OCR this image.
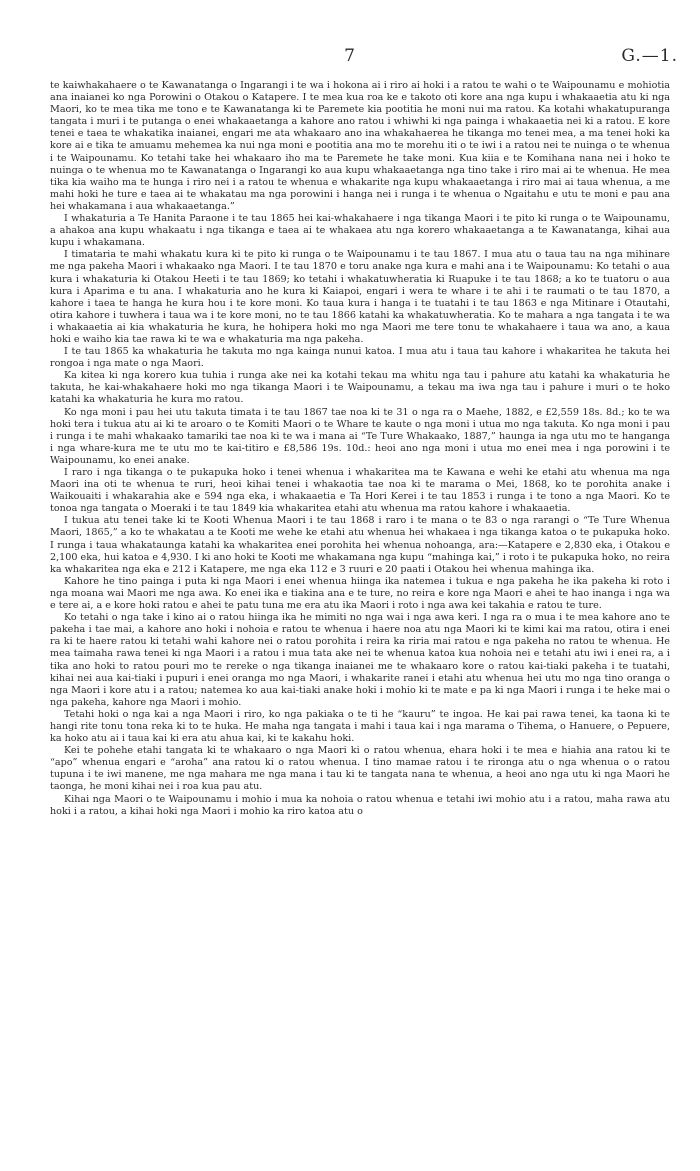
7	G.—1.

te kaiwhakahaere o te Kawanatanga o Ingarangi i te wa i hokona ai i riro ai hoki i a ratou te wahi o te Waipounamu e mohiotia ana inaianei ko nga Porowini o Otakou o Katapere. I te mea kua roa ke e takoto oti kore ana nga kupu i whakaaetia atu ki nga Maori, ko te mea tika me tono e te Kawanatanga ki te Paremete kia pootitia he moni nui ma ratou. Ka kotahi whakatupuranga tangata i muri i te putanga o enei whakaaetanga a kahore ano ratou i whiwhi ki nga painga i whakaaetia nei ki a ratou. E kore tenei e taea te whakatika inaianei, engari me ata whakaaro ano ina whakahaerea he tikanga mo tenei mea, a ma tenei hoki ka kore ai e tika te amuamu mehemea ka nui nga moni e pootitia ana mo te morehu iti o te iwi i a ratou nei te nuinga o te whenua i te Waipounamu. Ko tetahi take hei whakaaro iho ma te Paremete he take moni. Kua kiia e te Komihana nana nei i hoko te nuinga o te whenua mo te Kawanatanga o Ingarangi ko aua kupu whakaaetanga nga tino take i riro mai ai te whenua. He mea tika kia waiho ma te hunga i riro nei i a ratou te whenua e whakarite nga kupu whakaaetanga i riro mai ai taua whenua, a me mahi hoki he ture e taea ai te whakatau ma nga porowini i hanga nei i runga i te whenua o Ngaitahu e utu te moni e pau ana hei whakamana i aua whakaaetanga.”

I whakaturia a Te Hanita Paraone i te tau 1865 hei kai-whakahaere i nga tikanga Maori i te pito ki runga o te Waipounamu, a ahakoa ana kupu whakaatu i nga tikanga e taea ai te whakaea atu nga korero whakaaetanga a te Kawanatanga, kihai aua kupu i whakamana.

I timataria te mahi whakatu kura ki te pito ki runga o te Waipounamu i te tau 1867. I mua atu o taua tau na nga mihinare me nga pakeha Maori i whakaako nga Maori. I te tau 1870 e toru anake nga kura e mahi ana i te Waipounamu: Ko tetahi o aua kura i whakaturia ki Otakou Heeti i te tau 1869; ko tetahi i whakatuwheratia ki Ruapuke i te tau 1868; a ko te tuatoru o aua kura i Aparima e tu ana. I whakaturia ano he kura ki Kaiapoi, engari i wera te whare i te ahi i te raumati o te tau 1870, a kahore i taea te hanga he kura hou i te kore moni. Ko taua kura i hanga i te tuatahi i te tau 1863 e nga Mitinare i Otautahi, otira kahore i tuwhera i taua wa i te kore moni, no te tau 1866 katahi ka whakatuwheratia. Ko te mahara a nga tangata i te wa i whakaaetia ai kia whakaturia he kura, he hohipera hoki mo nga Maori me tere tonu te whakahaere i taua wa ano, a kaua hoki e waiho kia tae rawa ki te wa e whakaturia ma nga pakeha.

I te tau 1865 ka whakaturia he takuta mo nga kainga nunui katoa. I mua atu i taua tau kahore i whakaritea he takuta hei rongoa i nga mate o nga Maori.

Ka kitea ki nga korero kua tuhia i runga ake nei ka kotahi tekau ma whitu nga tau i pahure atu katahi ka whakaturia he takuta, he kai-whakahaere hoki mo nga tikanga Maori i te Waipounamu, a tekau ma iwa nga tau i pahure i muri o te hoko katahi ka whakaturia he kura mo ratou.

Ko nga moni i pau hei utu takuta timata i te tau 1867 tae noa ki te 31 o nga ra o Maehe, 1882, e £2,559 18s. 8d.; ko te wa hoki tera i tukua atu ai ki te aroaro o te Komiti Maori o te Whare te kaute o nga moni i utua mo nga takuta. Ko nga moni i pau i runga i te mahi whakaako tamariki tae noa ki te wa i mana ai “Te Ture Whakaako, 1887,” haunga ia nga utu mo te hanganga i nga whare-kura me te utu mo te kai-titiro e £8,586 19s. 10d.: heoi ano nga moni i utua mo enei mea i nga porowini i te Waipounamu, ko enei anake.

I raro i nga tikanga o te pukapuka hoko i tenei whenua i whakaritea ma te Kawana e wehi ke etahi atu whenua ma nga Maori ina oti te whenua te ruri, heoi kihai tenei i whakaotia tae noa ki te marama o Mei, 1868, ko te porohita anake i Waikouaiti i whakarahia ake e 594 nga eka, i whakaaetia e Ta Hori Kerei i te tau 1853 i runga i te tono a nga Maori. Ko te tonoa nga tangata o Moeraki i te tau 1849 kia whakaritea etahi atu whenua ma ratou kahore i whakaaetia.

I tukua atu tenei take ki te Kooti Whenua Maori i te tau 1868 i raro i te mana o te 83 o nga rarangi o “Te Ture Whenua Maori, 1865,” a ko te whakatau a te Kooti me wehe ke etahi atu whenua hei whakaea i nga tikanga katoa o te pukapuka hoko. I runga i taua whakataunga katahi ka whakaritea enei porohita hei whenua nohoanga, ara:—Katapere e 2,830 eka, i Otakou e 2,100 eka, hui katoa e 4,930. I ki ano hoki te Kooti me whakamana nga kupu “mahinga kai,” i roto i te pukapuka hoko, no reira ka whakaritea nga eka e 212 i Katapere, me nga eka 112 e 3 ruuri e 20 paati i Otakou hei whenua mahinga ika.

Kahore he tino painga i puta ki nga Maori i enei whenua hiinga ika natemea i tukua e nga pakeha he ika pakeha ki roto i nga moana wai Maori me nga awa. Ko enei ika e tiakina ana e te ture, no reira e kore nga Maori e ahei te hao inanga i nga wa e tere ai, a e kore hoki ratou e ahei te patu tuna me era atu ika Maori i roto i nga awa kei takahia e ratou te ture.

Ko tetahi o nga take i kino ai o ratou hiinga ika he mimiti no nga wai i nga awa keri. I nga ra o mua i te mea kahore ano te pakeha i tae mai, a kahore ano hoki i nohoia e ratou te whenua i haere noa atu nga Maori ki te kimi kai ma ratou, otira i enei ra ki te haere ratou ki tetahi wahi kahore nei o ratou porohita i reira ka riria mai ratou e nga pakeha no ratou te whenua. He mea taimaha rawa tenei ki nga Maori i a ratou i mua tata ake nei te whenua katoa kua nohoia nei e tetahi atu iwi i enei ra, a i tika ano hoki to ratou pouri mo te rereke o nga tikanga inaianei me te whakaaro kore o ratou kai-tiaki pakeha i te tuatahi, kihai nei aua kai-tiaki i pupuri i enei oranga mo nga Maori, i whakarite ranei i etahi atu whenua hei utu mo nga tino oranga o nga Maori i kore atu i a ratou; natemea ko aua kai-tiaki anake hoki i mohio ki te mate e pa ki nga Maori i runga i te heke mai o nga pakeha, kahore nga Maori i mohio.

Tetahi hoki o nga kai a nga Maori i riro, ko nga pakiaka o te ti he “kauru” te ingoa. He kai pai rawa tenei, ka taona ki te hangi rite tonu tona reka ki to te huka. He maha nga tangata i mahi i taua kai i nga marama o Tihema, o Hanuere, o Pepuere, ka hoko atu ai i taua kai ki era atu ahua kai, ki te kakahu hoki.

Kei te pohehe etahi tangata ki te whakaaro o nga Maori ki o ratou whenua, ehara hoki i te mea e hiahia ana ratou ki te “apo” whenua engari e “aroha” ana ratou ki o ratou whenua. I tino mamae ratou i te rironga atu o nga whenua o o ratou tupuna i te iwi manene, me nga mahara me nga mana i tau ki te tangata nana te whenua, a heoi ano nga utu ki nga Maori he taonga, he moni kihai nei i roa kua pau atu.

Kihai nga Maori o te Waipounamu i mohio i mua ka nohoia o ratou whenua e tetahi iwi mohio atu i a ratou, maha rawa atu hoki i a ratou, a kihai hoki nga Maori i mohio ka riro katoa atu o
